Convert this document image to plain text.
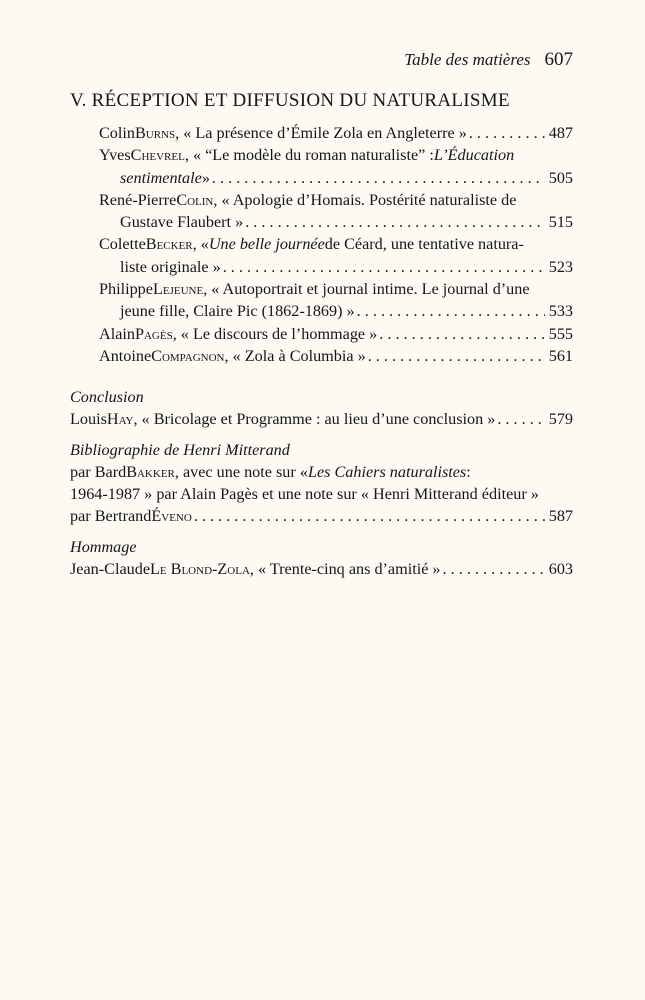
Table des matières 607
V. RÉCEPTION ET DIFFUSION DU NATURALISME
Colin Burns , « La présence d’Émile Zola en Angleterre » . . .	487
Yves Chevrel , « “Le modèle du roman naturaliste” : L’Éducation
sentimentale » . . .	505
René-Pierre Colin , « Apologie d’Homais. Postérité naturaliste de
Gustave Flaubert » . . .	515
Colette Becker , « Une belle journée de Céard, une tentative natura-
liste originale » . . .	523
Philippe Lejeune , « Autoportrait et journal intime. Le journal d’une
jeune fille, Claire Pic (1862-1869) » . . .	533
Alain Pagès , « Le discours de l’hommage » . . .	555
Antoine Compagnon , « Zola à Columbia » . . .	561
Conclusion
Louis Hay , « Bricolage et Programme : au lieu d’une conclusion » . . .	579
Bibliographie de Henri Mitterand
par Bard Bakker , avec une note sur « Les Cahiers naturalistes :
1964-1987 » par Alain Pagès et une note sur « Henri Mitterand éditeur »
par Bertrand Éveno . . .	587
Hommage
Jean-Claude Le Blond-Zola , « Trente-cinq ans d’amitié » . . .	603
